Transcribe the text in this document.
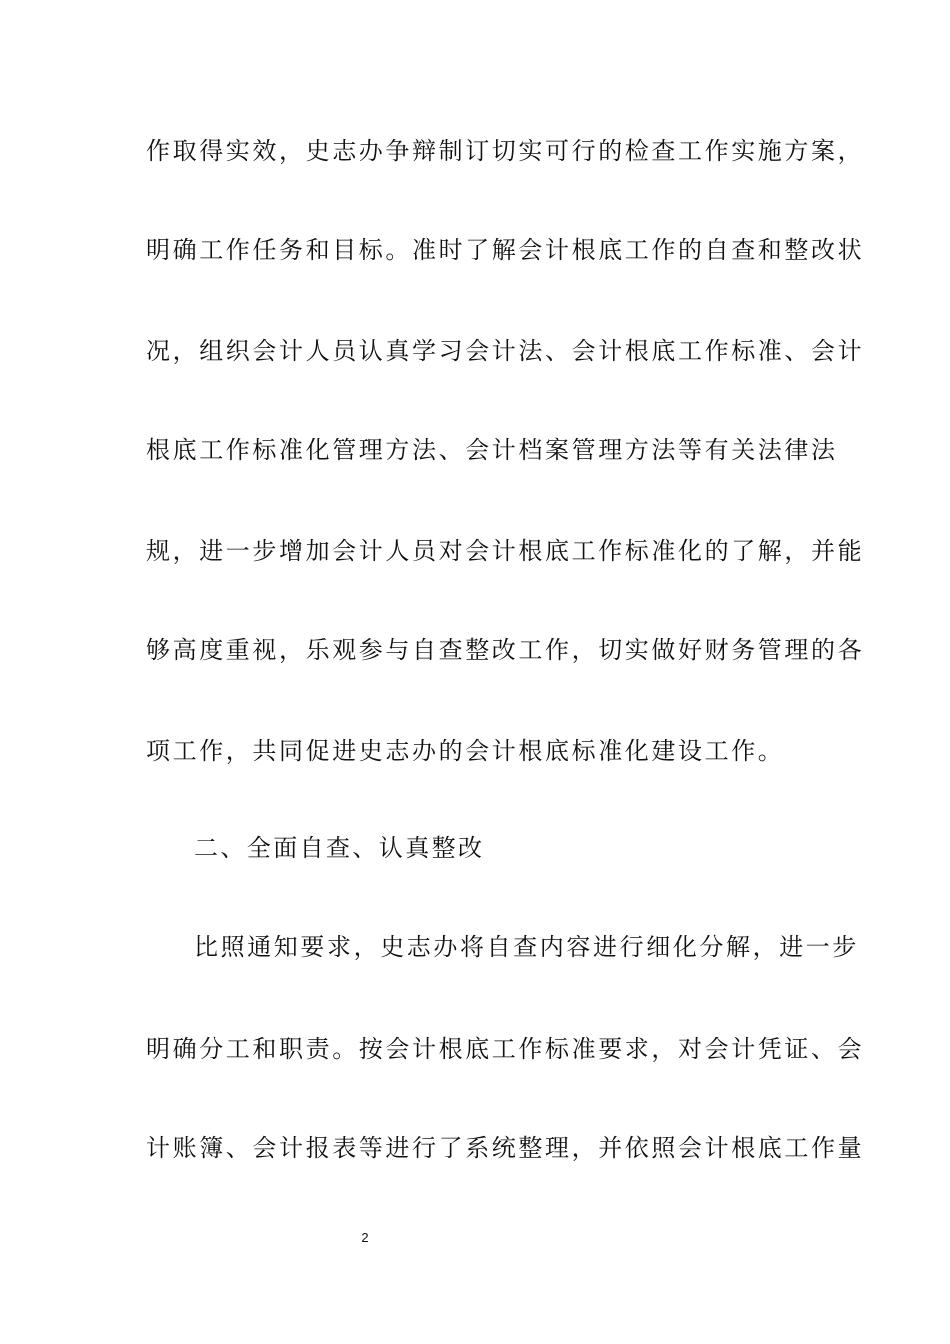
作取得实效，史志办争辩制订切实可行的检查工作实施方案，
明确工作任务和目标。准时了解会计根底工作的自查和整改状
况，组织会计人员认真学习会计法、会计根底工作标准、会计
根底工作标准化管理方法、会计档案管理方法等有关法律法
规，进一步增加会计人员对会计根底工作标准化的了解，并能
够高度重视，乐观参与自查整改工作，切实做好财务管理的各
项工作，共同促进史志办的会计根底标准化建设工作。
二、全面自查、认真整改
比照通知要求，史志办将自查内容进行细化分解，进一步
明确分工和职责。按会计根底工作标准要求，对会计凭证、会
计账簿、会计报表等进行了系统整理，并依照会计根底工作量
2
